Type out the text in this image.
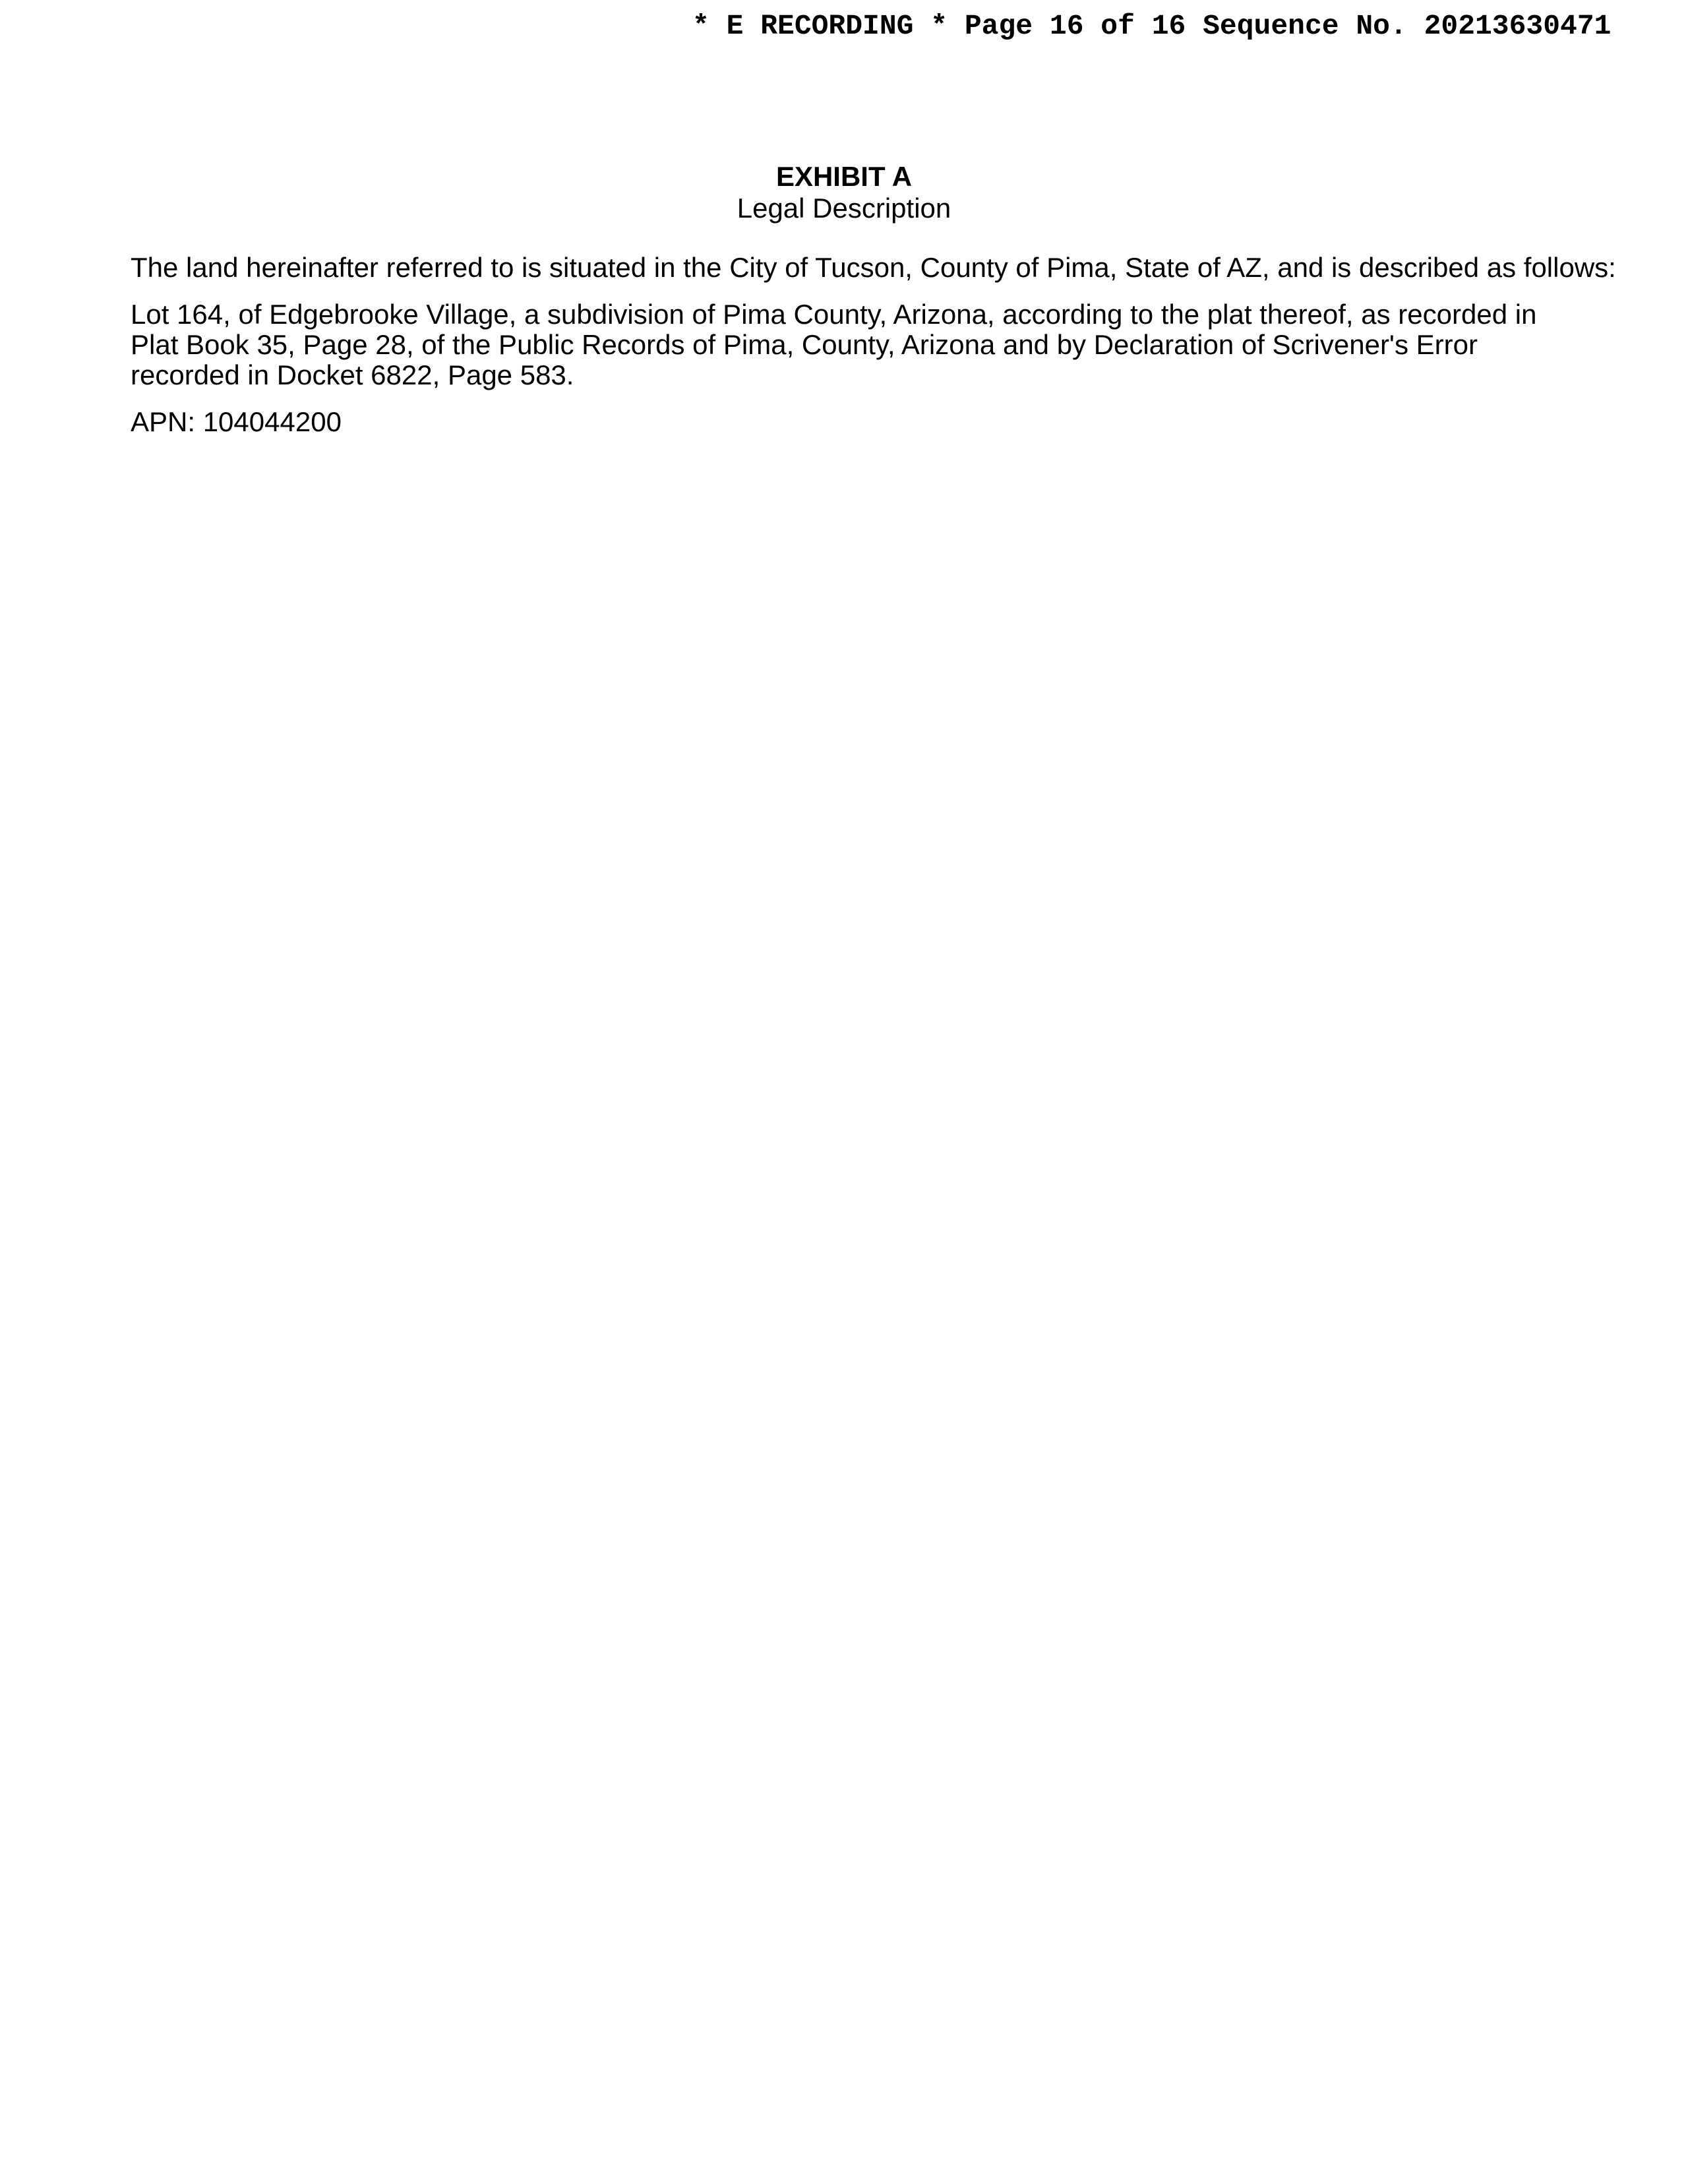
* E RECORDING * Page 16 of 16 Sequence No. 20213630471
EXHIBIT A
Legal Description
The land hereinafter referred to is situated in the City of Tucson, County of Pima, State of AZ, and is described as follows:
Lot 164, of Edgebrooke Village, a subdivision of Pima County, Arizona, according to the plat thereof, as recorded in Plat Book 35, Page 28, of the Public Records of Pima, County, Arizona and by Declaration of Scrivener's Error recorded in Docket 6822, Page 583.
APN: 104044200
